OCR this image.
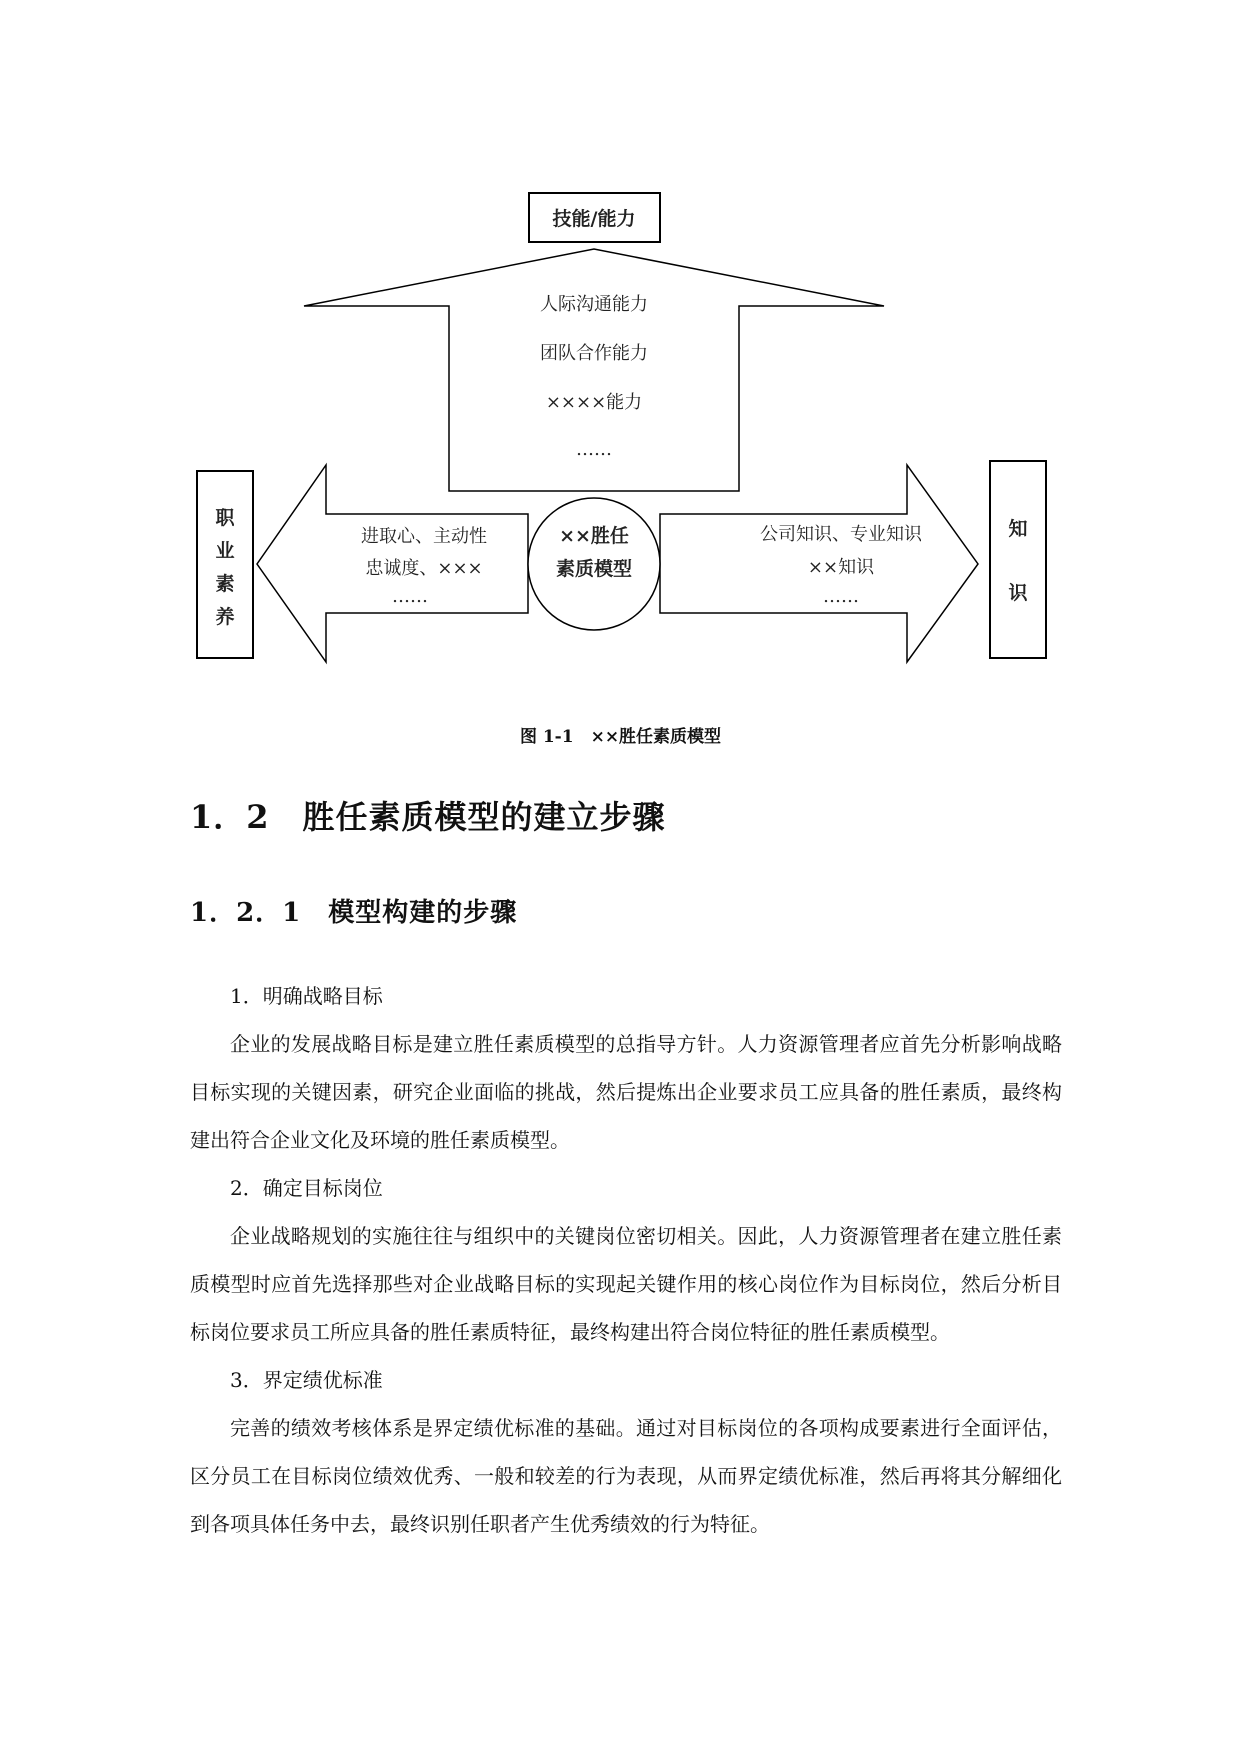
技能/能力
人际沟通能力
团队合作能力
××××能力
……
进取心、主动性
忠诚度、×××
……
公司知识、专业知识
××知识
……
××胜任
素质模型
职
业
素
养
知
识
图 1-1　××胜任素质模型
1．2　胜任素质模型的建立步骤
1．2．1　模型构建的步骤

1．明确战略目标

企业的发展战略目标是建立胜任素质模型的总指导方针。人力资源管理者应首先分析影响战略目标实现的关键因素，研究企业面临的挑战，然后提炼出企业要求员工应具备的胜任素质，最终构建出符合企业文化及环境的胜任素质模型。

2．确定目标岗位

企业战略规划的实施往往与组织中的关键岗位密切相关。因此，人力资源管理者在建立胜任素质模型时应首先选择那些对企业战略目标的实现起关键作用的核心岗位作为目标岗位，然后分析目标岗位要求员工所应具备的胜任素质特征，最终构建出符合岗位特征的胜任素质模型。

3．界定绩优标准

完善的绩效考核体系是界定绩优标准的基础。通过对目标岗位的各项构成要素进行全面评估，区分员工在目标岗位绩效优秀、一般和较差的行为表现，从而界定绩优标准，然后再将其分解细化到各项具体任务中去，最终识别任职者产生优秀绩效的行为特征。
